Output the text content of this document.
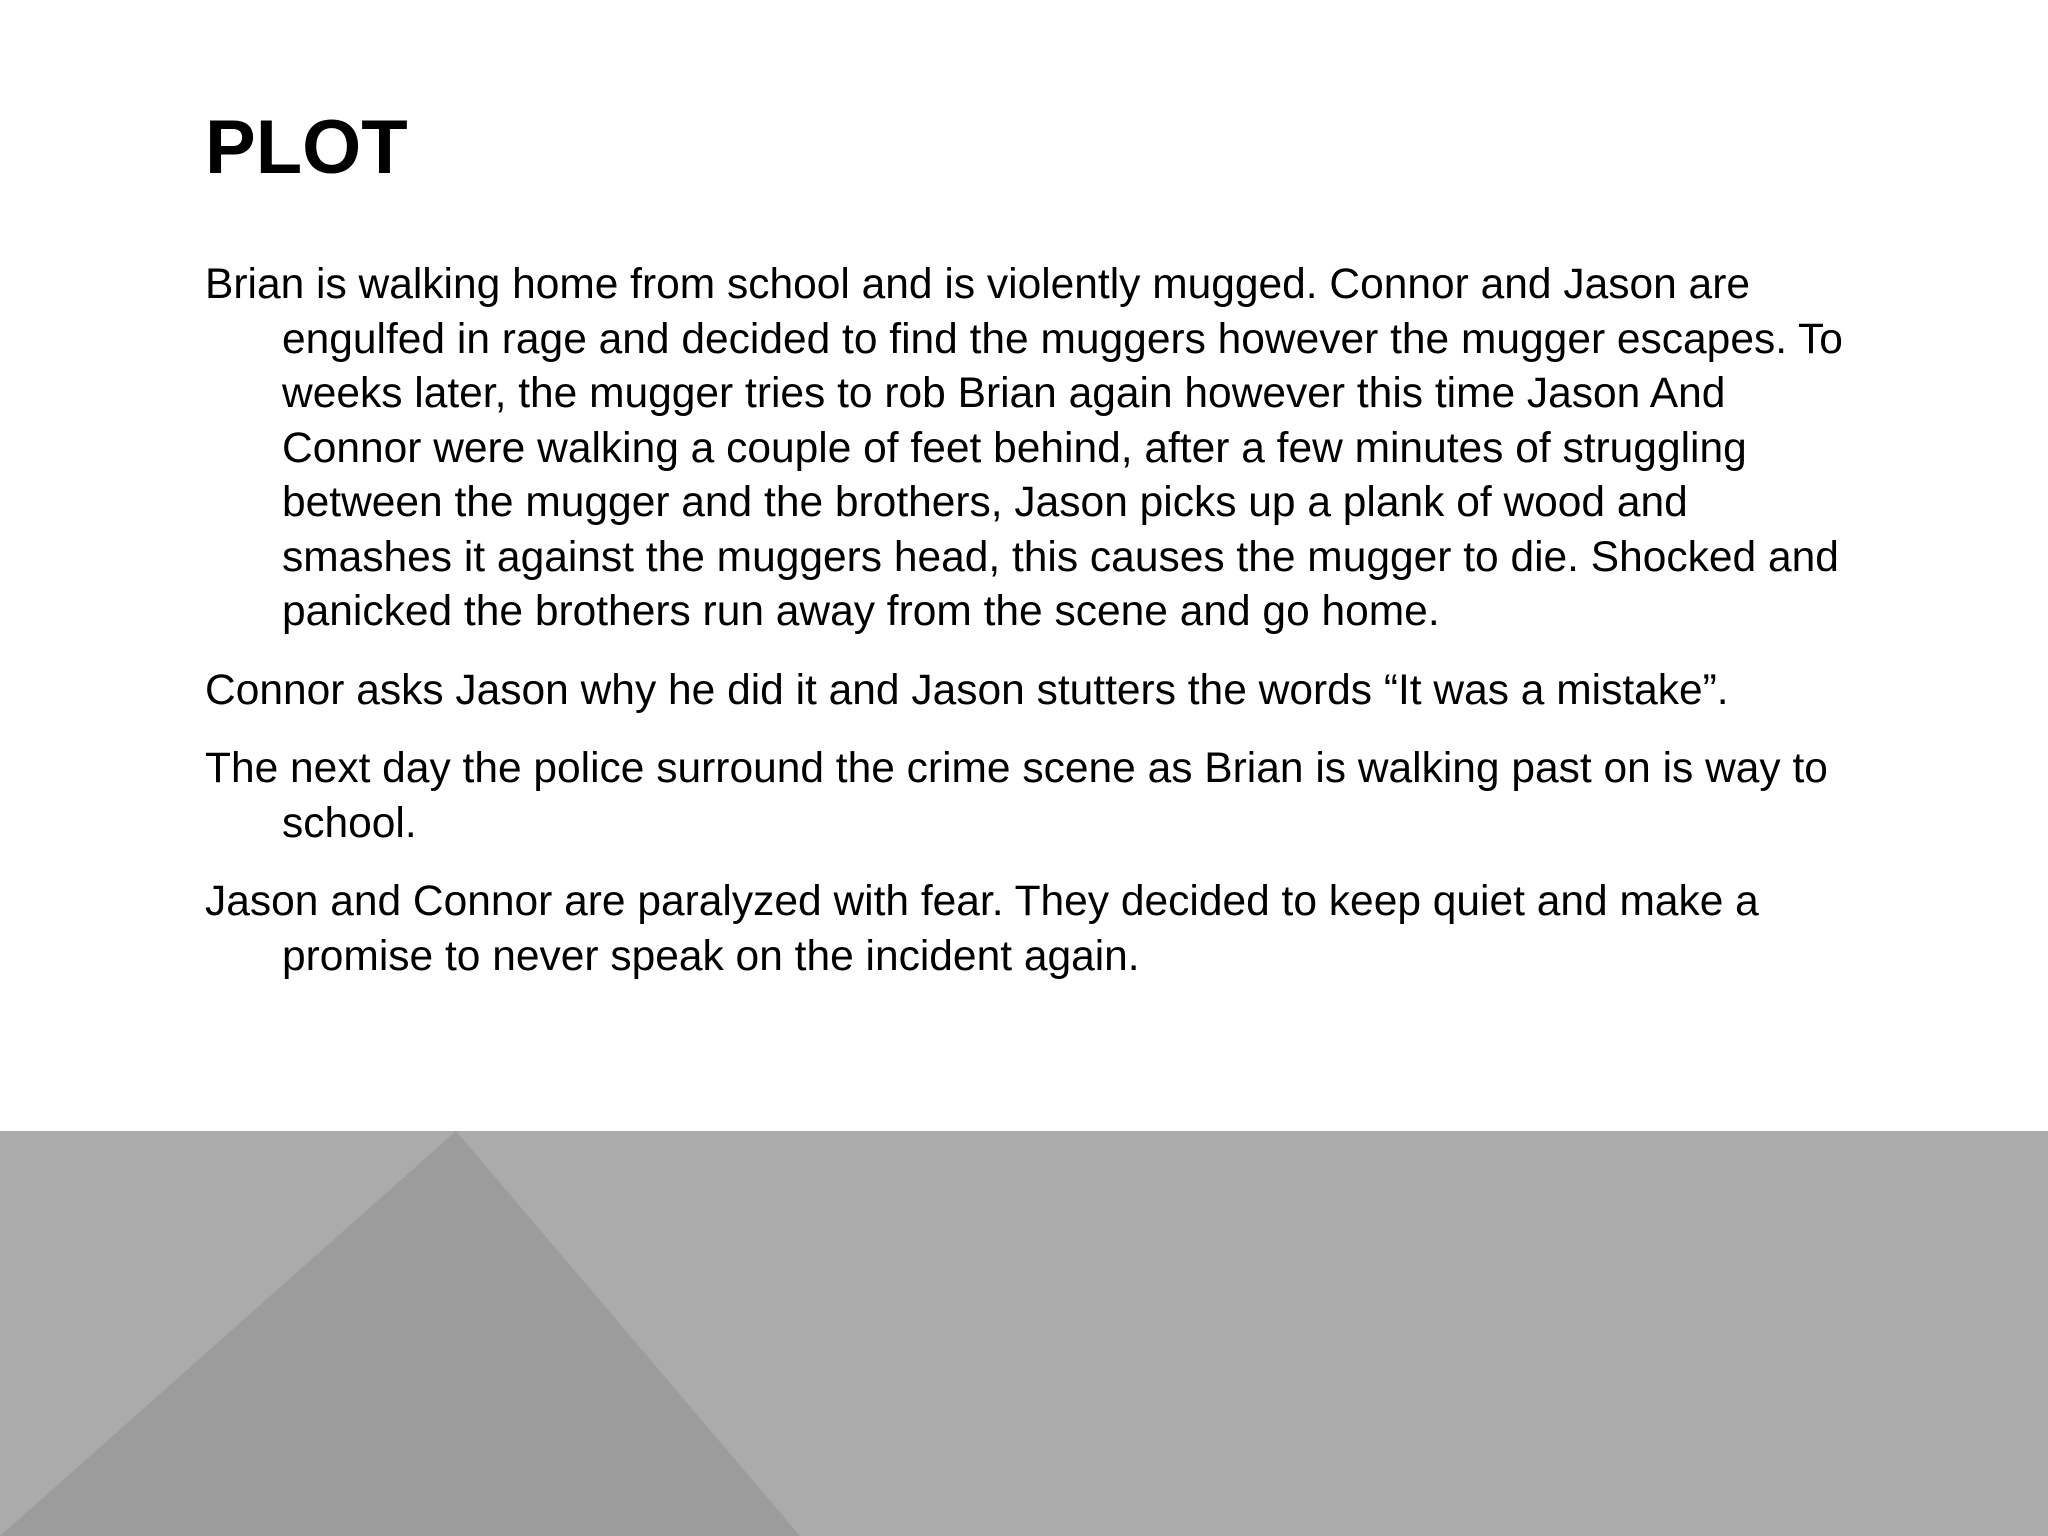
PLOT

Brian is walking home from school and is violently mugged. Connor and Jason are engulfed in rage and decided to find the muggers however the mugger escapes. To weeks later, the mugger tries to rob Brian again however this time Jason And Connor were walking a couple of feet behind, after a few minutes of struggling between the mugger and the brothers, Jason picks up a plank of wood and smashes it against the muggers head, this causes the mugger to die. Shocked and panicked the brothers run away from the scene and go home.

Connor asks Jason why he did it and Jason stutters the words “It was a mistake”.

The next day the police surround the crime scene as Brian is walking past on is way to school.

Jason and Connor are paralyzed with fear. They decided to keep quiet and make a promise to never speak on the incident again.
